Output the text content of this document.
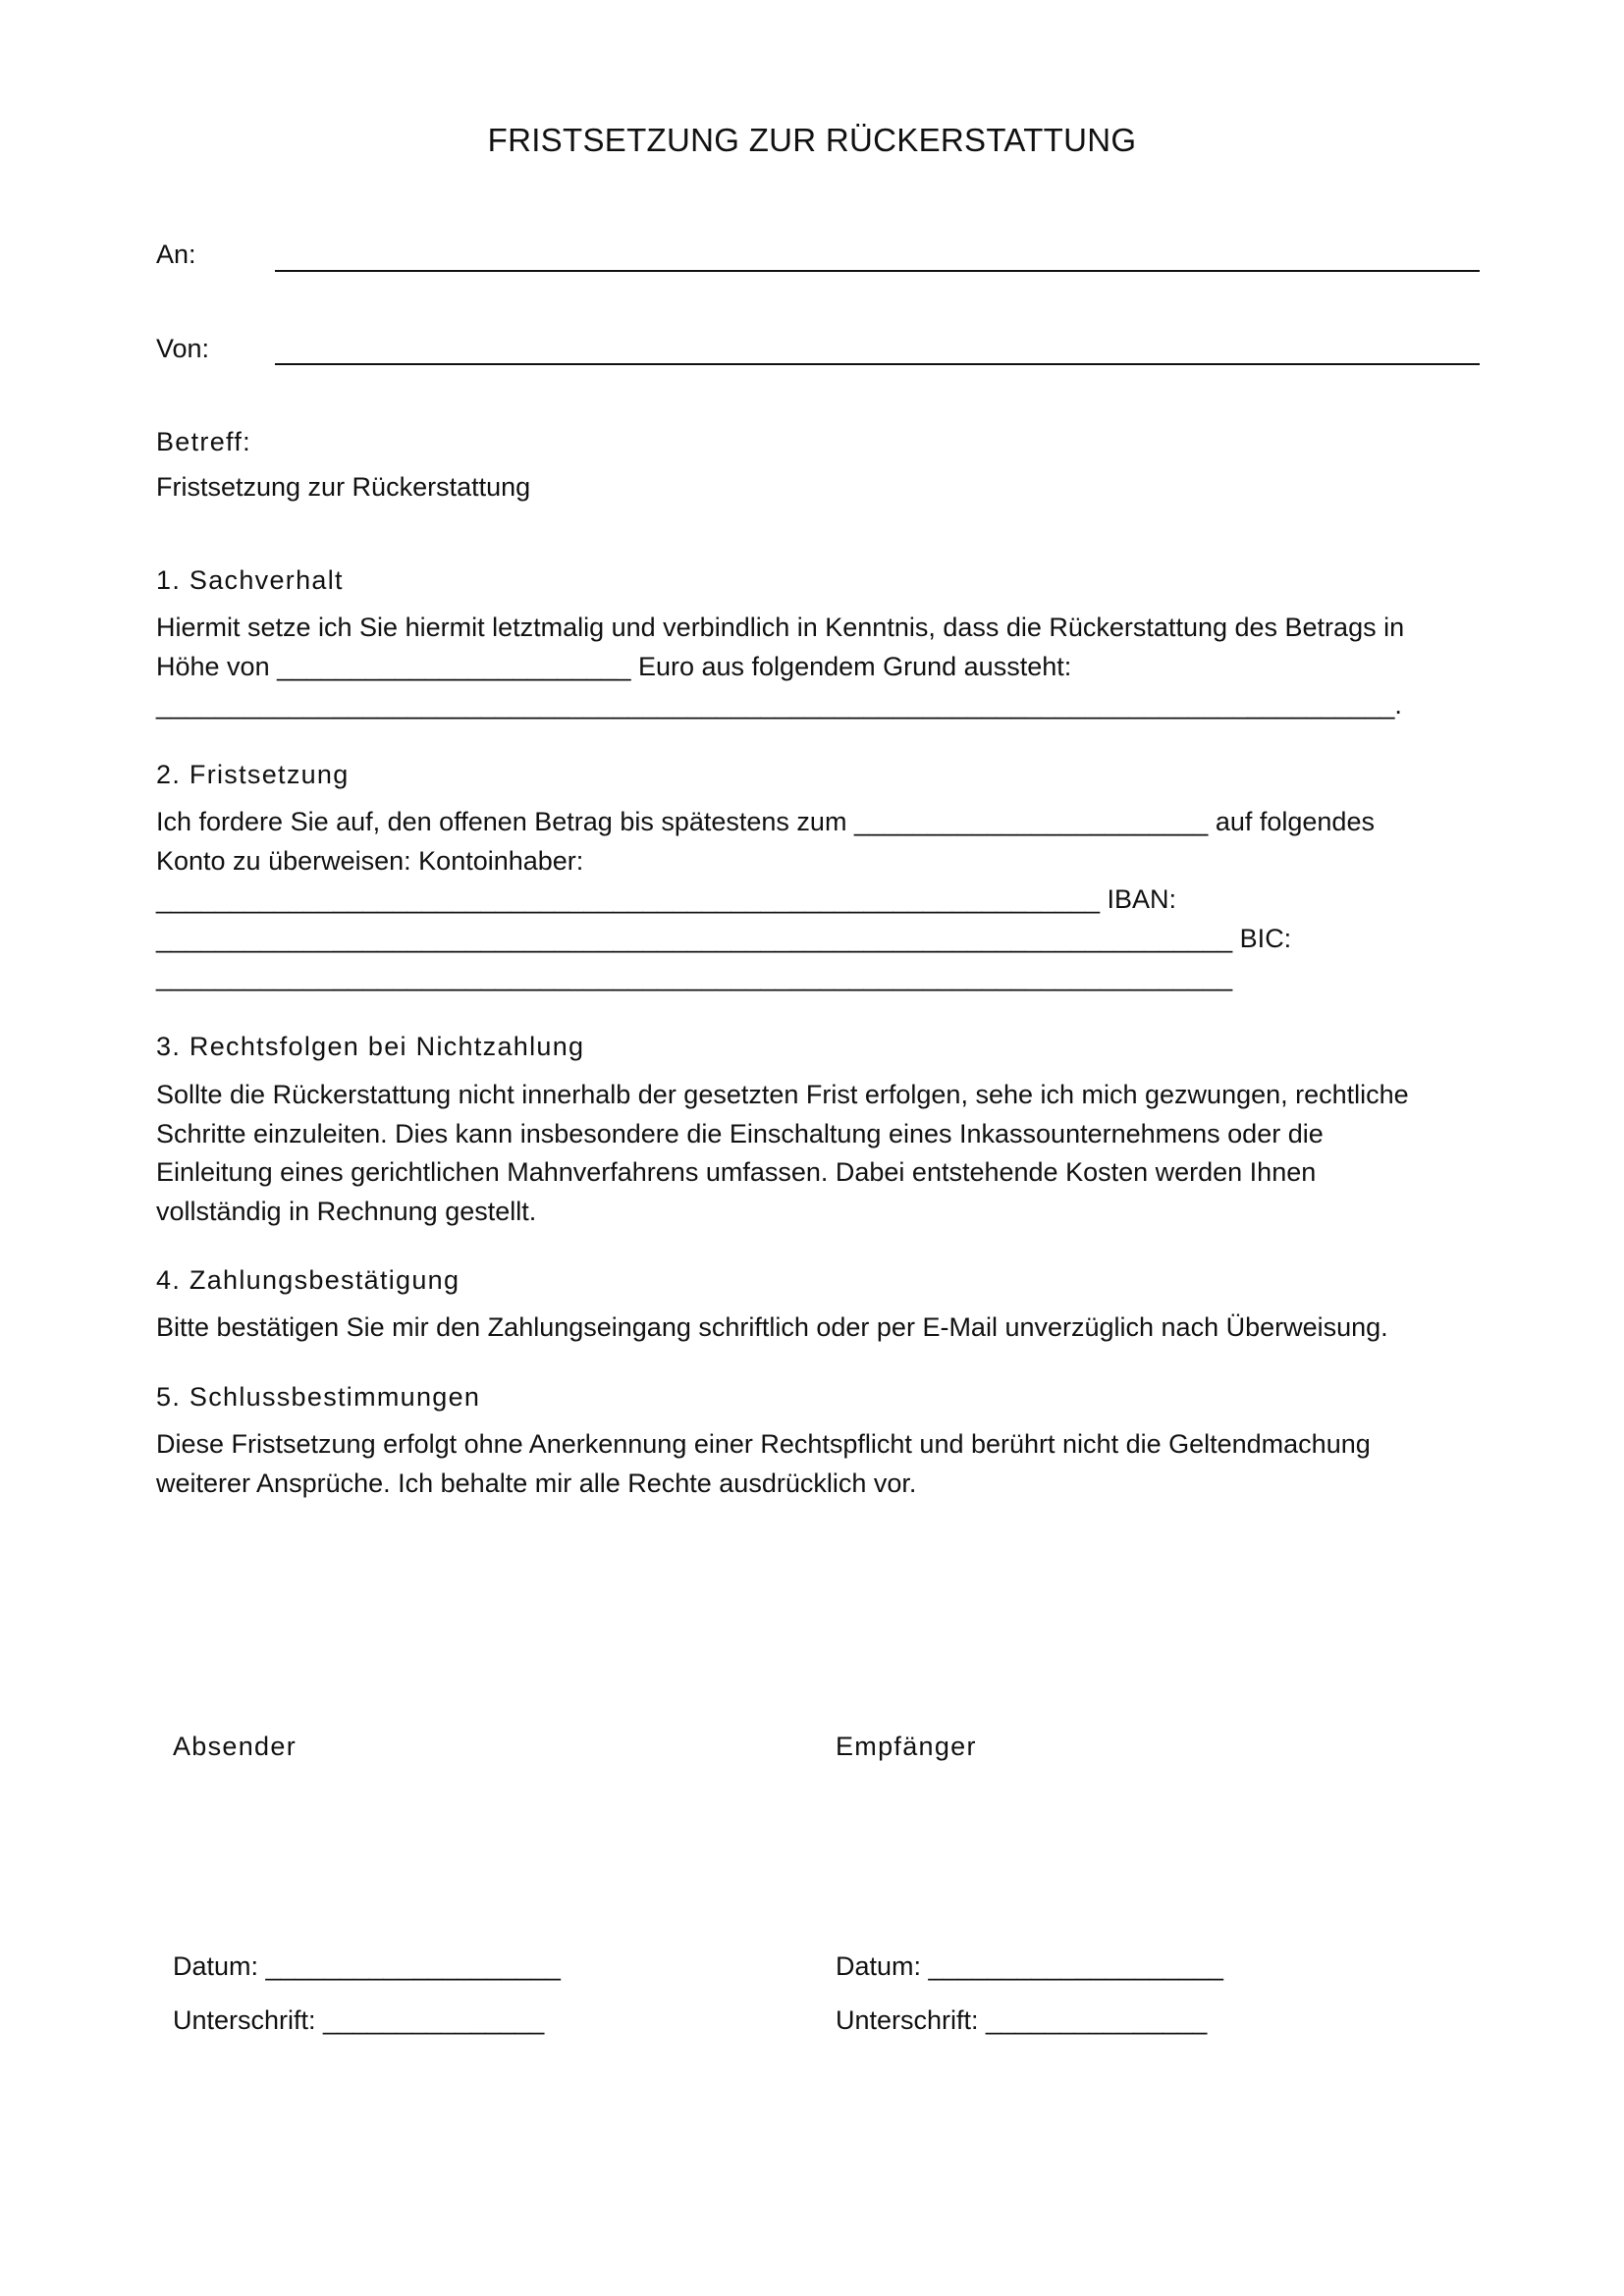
FRISTSETZUNG ZUR RÜCKERSTATTUNG
An:
Von:
Betreff:
Fristsetzung zur Rückerstattung
1. Sachverhalt
Hiermit setze ich Sie hiermit letztmalig und verbindlich in Kenntnis, dass die Rückerstattung des Betrags in
Höhe von ________________________ Euro aus folgendem Grund aussteht:
____________________________________________________________________________________.
2. Fristsetzung
Ich fordere Sie auf, den offenen Betrag bis spätestens zum ________________________ auf folgendes
Konto zu überweisen: Kontoinhaber:
________________________________________________________________ IBAN:
_________________________________________________________________________ BIC:
_________________________________________________________________________
3. Rechtsfolgen bei Nichtzahlung
Sollte die Rückerstattung nicht innerhalb der gesetzten Frist erfolgen, sehe ich mich gezwungen, rechtliche
Schritte einzuleiten. Dies kann insbesondere die Einschaltung eines Inkassounternehmens oder die
Einleitung eines gerichtlichen Mahnverfahrens umfassen. Dabei entstehende Kosten werden Ihnen
vollständig in Rechnung gestellt.
4. Zahlungsbestätigung
Bitte bestätigen Sie mir den Zahlungseingang schriftlich oder per E-Mail unverzüglich nach Überweisung.
5. Schlussbestimmungen
Diese Fristsetzung erfolgt ohne Anerkennung einer Rechtspflicht und berührt nicht die Geltendmachung
weiterer Ansprüche. Ich behalte mir alle Rechte ausdrücklich vor.
Absender
Datum: ____________________
Unterschrift: _______________
Empfänger
Datum: ____________________
Unterschrift: _______________
